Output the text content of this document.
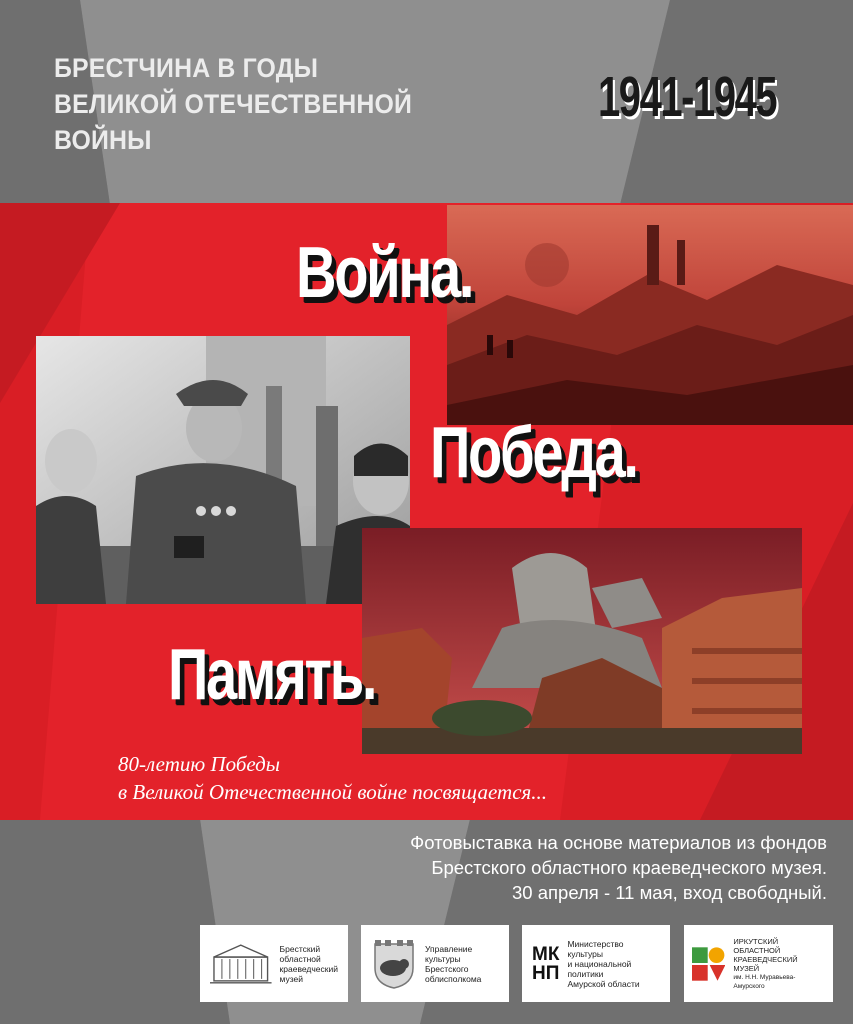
БРЕСТЧИНА В ГОДЫ
ВЕЛИКОЙ ОТЕЧЕСТВЕННОЙ
ВОЙНЫ
1941-1945
Война.
Победа.
Память.
80-летию Победы
в Великой Отечественной войне посвящается...
Фотовыставка на основе материалов из фондов
Брестского областного краеведческого музея.
30 апреля - 11 мая, вход свободный.
Брестский
областной
краеведческий
музей
Управление
культуры
Брестского
облисполкома
МК
НП
Министерство
культуры
и национальной
политики
Амурской области
ИРКУТСКИЙ
ОБЛАСТНОЙ
КРАЕВЕДЧЕСКИЙ
МУЗЕЙ
им. Н.Н. Муравьева-Амурского
